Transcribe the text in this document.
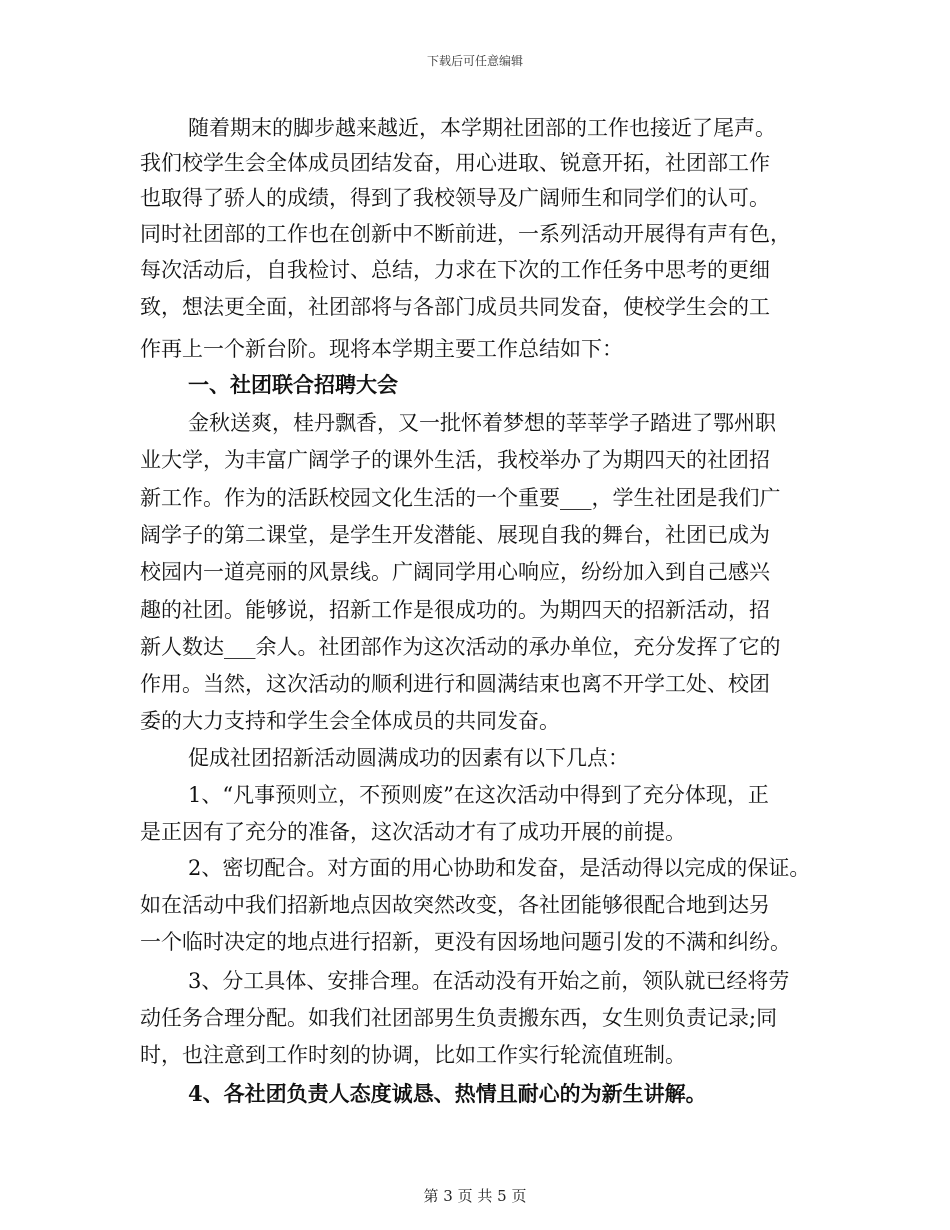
下载后可任意编辑
随着期末的脚步越来越近，本学期社团部的工作也接近了尾声。
我们校学生会全体成员团结发奋，用心进取、锐意开拓，社团部工作
也取得了骄人的成绩，得到了我校领导及广阔师生和同学们的认可。
同时社团部的工作也在创新中不断前进，一系列活动开展得有声有色，
每次活动后，自我检讨、总结，力求在下次的工作任务中思考的更细
致，想法更全面，社团部将与各部门成员共同发奋，使校学生会的工
作再上一个新台阶。现将本学期主要工作总结如下：
一、社团联合招聘大会
金秋送爽，桂丹飘香，又一批怀着梦想的莘莘学子踏进了鄂州职
业大学，为丰富广阔学子的课外生活，我校举办了为期四天的社团招
新工作。作为的活跃校园文化生活的一个重要___，学生社团是我们广
阔学子的第二课堂，是学生开发潜能、展现自我的舞台，社团已成为
校园内一道亮丽的风景线。广阔同学用心响应，纷纷加入到自己感兴
趣的社团。能够说，招新工作是很成功的。为期四天的招新活动，招
新人数达___余人。社团部作为这次活动的承办单位，充分发挥了它的
作用。当然，这次活动的顺利进行和圆满结束也离不开学工处、校团
委的大力支持和学生会全体成员的共同发奋。
促成社团招新活动圆满成功的因素有以下几点：
1、“凡事预则立，不预则废”在这次活动中得到了充分体现，正
是正因有了充分的准备，这次活动才有了成功开展的前提。
2、密切配合。对方面的用心协助和发奋，是活动得以完成的保证。
如在活动中我们招新地点因故突然改变，各社团能够很配合地到达另
一个临时决定的地点进行招新，更没有因场地问题引发的不满和纠纷。
3、分工具体、安排合理。在活动没有开始之前，领队就已经将劳
动任务合理分配。如我们社团部男生负责搬东西，女生则负责记录;同
时，也注意到工作时刻的协调，比如工作实行轮流值班制。
4、各社团负责人态度诚恳、热情且耐心的为新生讲解。
第 3 页 共 5 页
